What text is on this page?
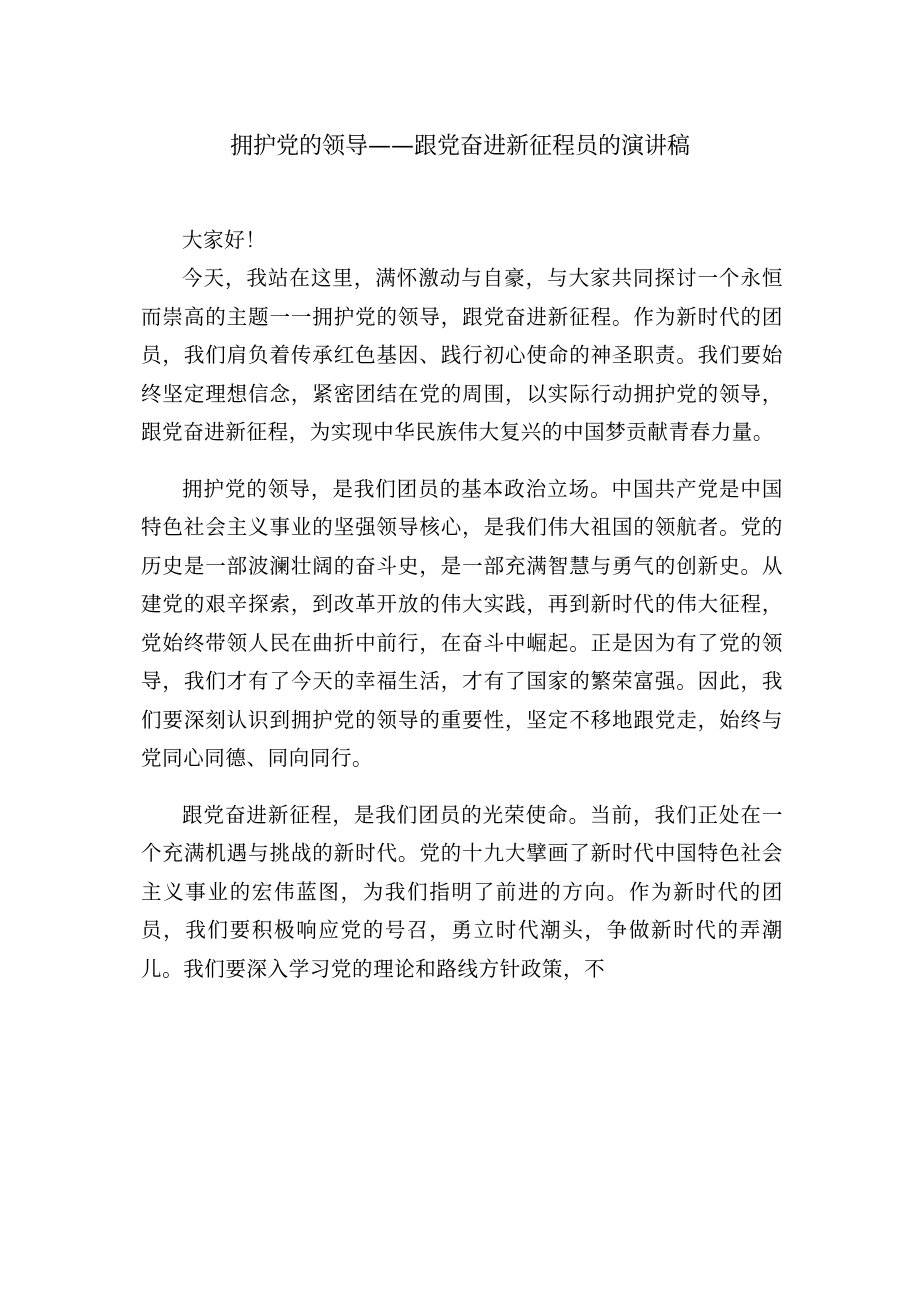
拥护党的领导——跟党奋进新征程员的演讲稿

大家好！

今天，我站在这里，满怀激动与自豪，与大家共同探讨一个永恒而崇高的主题一一拥护党的领导，跟党奋进新征程。作为新时代的团员，我们肩负着传承红色基因、践行初心使命的神圣职责。我们要始终坚定理想信念，紧密团结在党的周围，以实际行动拥护党的领导，跟党奋进新征程，为实现中华民族伟大复兴的中国梦贡献青春力量。

拥护党的领导，是我们团员的基本政治立场。中国共产党是中国特色社会主义事业的坚强领导核心，是我们伟大祖国的领航者。党的历史是一部波澜壮阔的奋斗史，是一部充满智慧与勇气的创新史。从建党的艰辛探索，到改革开放的伟大实践，再到新时代的伟大征程，党始终带领人民在曲折中前行，在奋斗中崛起。正是因为有了党的领导，我们才有了今天的幸福生活，才有了国家的繁荣富强。因此，我们要深刻认识到拥护党的领导的重要性，坚定不移地跟党走，始终与党同心同德、同向同行。

跟党奋进新征程，是我们团员的光荣使命。当前，我们正处在一个充满机遇与挑战的新时代。党的十九大擘画了新时代中国特色社会主义事业的宏伟蓝图，为我们指明了前进的方向。作为新时代的团员，我们要积极响应党的号召，勇立时代潮头，争做新时代的弄潮儿。我们要深入学习党的理论和路线方针政策，不
